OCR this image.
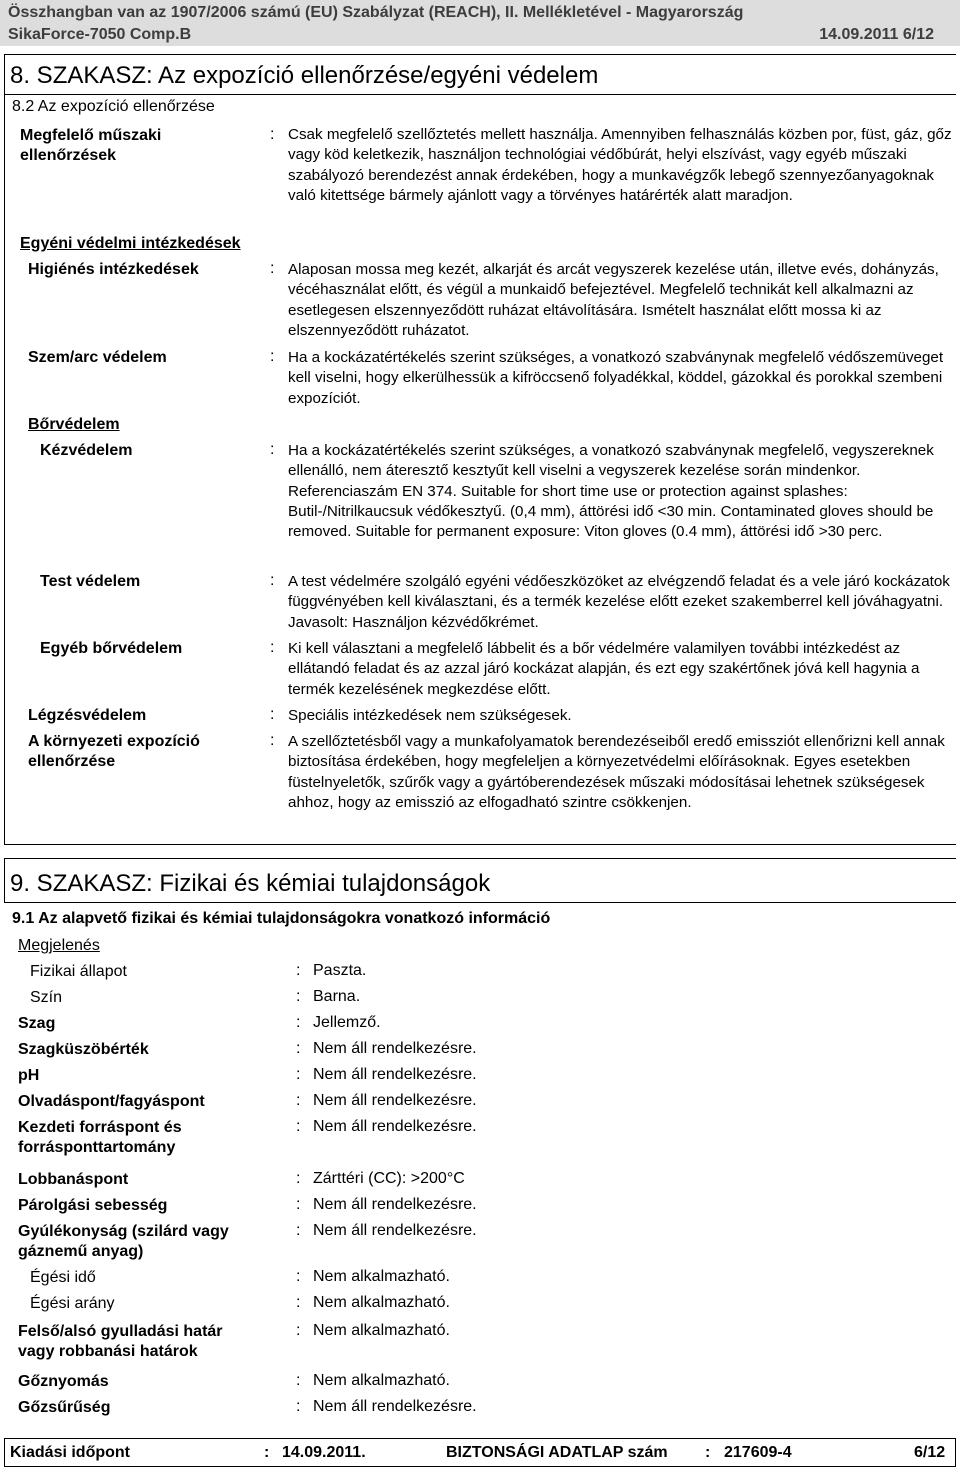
Összhangban van az 1907/2006 számú (EU) Szabályzat (REACH), II. Mellékletével - Magyarország
SikaForce-7050 Comp.B	14.09.2011 6/12
8. SZAKASZ: Az expozíció ellenőrzése/egyéni védelem
8.2 Az expozíció ellenőrzése
Megfelelő műszaki ellenőrzések
: Csak megfelelő szellőztetés mellett használja. Amennyiben felhasználás közben por, füst, gáz, gőz vagy köd keletkezik, használjon technológiai védőbúrát, helyi elszívást, vagy egyéb műszaki szabályozó berendezést annak érdekében, hogy a munkavégzők lebegő szennyezőanyagoknak való kitettsége bármely ajánlott vagy a törvényes határérték alatt maradjon.
Egyéni védelmi intézkedések
Higiénés intézkedések	: Alaposan mossa meg kezét, alkarját és arcát vegyszerek kezelése után, illetve evés, dohányzás, vécéhasználat előtt, és végül a munkaidő befejeztével. Megfelelő technikát kell alkalmazni az esetlegesen elszennyeződött ruházat eltávolítására. Ismételt használat előtt mossa ki az elszennyeződött ruházatot.
Szem/arc védelem	: Ha a kockázatértékelés szerint szükséges, a vonatkozó szabványnak megfelelő védőszemüveget kell viselni, hogy elkerülhessük a kifröccsenő folyadékkal, köddel, gázokkal és porokkal szembeni expozíciót.
Bőrvédelem
Kézvédelem	: Ha a kockázatértékelés szerint szükséges, a vonatkozó szabványnak megfelelő, vegyszereknek ellenálló, nem áteresztő kesztyűt kell viselni a vegyszerek kezelése során mindenkor. Referenciaszám EN 374. Suitable for short time use or protection against splashes: Butil-/Nitrilkaucsuk védőkesztyű. (0,4 mm), áttörési idő <30 min. Contaminated gloves should be removed. Suitable for permanent exposure: Viton gloves (0.4 mm), áttörési idő >30 perc.
Test védelem	: A test védelmére szolgáló egyéni védőeszközöket az elvégzendő feladat és a vele járó kockázatok függvényében kell kiválasztani, és a termék kezelése előtt ezeket szakemberrel kell jóváhagyatni. Javasolt: Használjon kézvédőkrémet.
Egyéb bőrvédelem	: Ki kell választani a megfelelő lábbelit és a bőr védelmére valamilyen további intézkedést az ellátandó feladat és az azzal járó kockázat alapján, és ezt egy szakértőnek jóvá kell hagynia a termék kezelésének megkezdése előtt.
Légzésvédelem	: Speciális intézkedések nem szükségesek.
A környezeti expozíció ellenőrzése
: A szellőztetésből vagy a munkafolyamatok berendezéseiből eredő emissziót ellenőrizni kell annak biztosítása érdekében, hogy megfeleljen a környezetvédelmi előírásoknak. Egyes esetekben füstelnyeletők, szűrők vagy a gyártóberendezések műszaki módosításai lehetnek szükségesek ahhoz, hogy az emisszió az elfogadható szintre csökkenjen.
9. SZAKASZ: Fizikai és kémiai tulajdonságok
9.1 Az alapvető fizikai és kémiai tulajdonságokra vonatkozó információ
Megjelenés
Fizikai állapot	: Paszta.
Szín	: Barna.
Szag	: Jellemző.
Szagküszöbérték	: Nem áll rendelkezésre.
pH	: Nem áll rendelkezésre.
Olvadáspont/fagyáspont	: Nem áll rendelkezésre.
Kezdeti forráspont és forrásponttartomány
: Nem áll rendelkezésre.
Lobbanáspont	: Zárttéri (CC): >200°C
Párolgási sebesség	: Nem áll rendelkezésre.
Gyúlékonyság (szilárd vagy gáznemű anyag)
: Nem áll rendelkezésre.
Égési idő	: Nem alkalmazható.
Égési arány	: Nem alkalmazható.
Felső/alsó gyulladási határ vagy robbanási határok
: Nem alkalmazható.
Gőznyomás	: Nem alkalmazható.
Gőzsűrűség	: Nem áll rendelkezésre.
Kiadási időpont	: 14.09.2011.	BIZTONSÁGI ADATLAP szám : 217609-4	6/12
